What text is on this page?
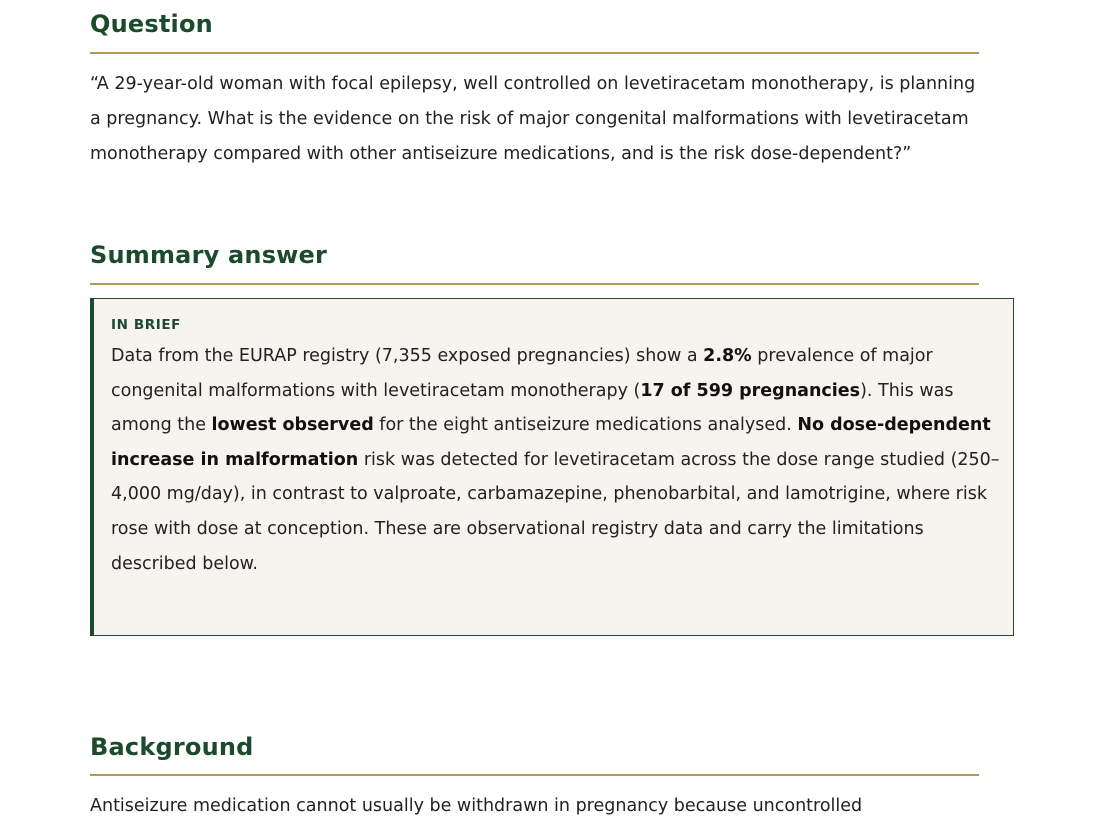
Question

“A 29-year-old woman with focal epilepsy, well controlled on levetiracetam monotherapy, is planning a pregnancy. What is the evidence on the risk of major congenital malformations with levetiracetam monotherapy compared with other antiseizure medications, and is the risk dose-dependent?”

Summary answer
IN BRIEF

Data from the EURAP registry (7,355 exposed pregnancies) show a 2.8% prevalence of major congenital malformations with levetiracetam monotherapy (17 of 599 pregnancies). This was among the lowest observed for the eight antiseizure medications analysed. No dose-dependent increase in malformation risk was detected for levetiracetam across the dose range studied (250–4,000 mg/day), in contrast to valproate, carbamazepine, phenobarbital, and lamotrigine, where risk rose with dose at conception. These are observational registry data and carry the limitations described below.

Background

Antiseizure medication cannot usually be withdrawn in pregnancy because uncontrolled
